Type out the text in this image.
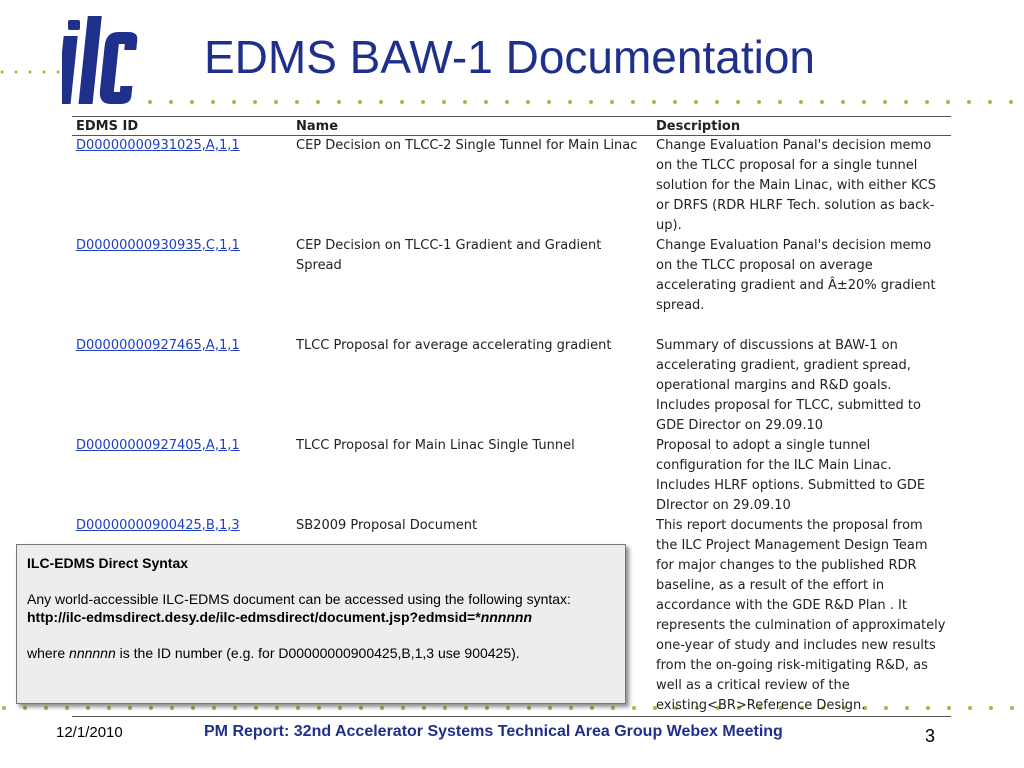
EDMS BAW-1 Documentation
EDMS ID	Name	Description
D00000000931025,A,1,1	CEP Decision on TLCC-2 Single Tunnel for Main Linac	Change Evaluation Panal's decision memo on the TLCC proposal for a single tunnel solution for the Main Linac, with either KCS or DRFS (RDR HLRF Tech. solution as back-up).
D00000000930935,C,1,1	CEP Decision on TLCC-1 Gradient and Gradient Spread	Change Evaluation Panal's decision memo on the TLCC proposal on average accelerating gradient and Â±20% gradient spread.
D00000000927465,A,1,1	TLCC Proposal for average accelerating gradient	Summary of discussions at BAW-1 on accelerating gradient, gradient spread, operational margins and R&D goals. Includes proposal for TLCC, submitted to GDE Director on 29.09.10
D00000000927405,A,1,1	TLCC Proposal for Main Linac Single Tunnel	Proposal to adopt a single tunnel configuration for the ILC Main Linac. Includes HLRF options. Submitted to GDE DIrector on 29.09.10
D00000000900425,B,1,3	SB2009 Proposal Document	This report documents the proposal from the ILC Project Management Design Team for major changes to the published RDR baseline, as a result of the effort in accordance with the GDE R&D Plan . It represents the culmination of approximately one-year of study and includes new results from the on-going risk-mitigating R&D, as well as a critical review of the existing<BR>Reference Design.

ILC-EDMS Direct Syntax

Any world-accessible ILC-EDMS document can be accessed using the following syntax:

http://ilc-edmsdirect.desy.de/ilc-edmsdirect/document.jsp?edmsid=*nnnnnn

where nnnnnn is the ID number (e.g. for D00000000900425,B,1,3 use 900425).

12/1/2010	PM Report: 32nd Accelerator Systems Technical Area Group Webex Meeting	3
